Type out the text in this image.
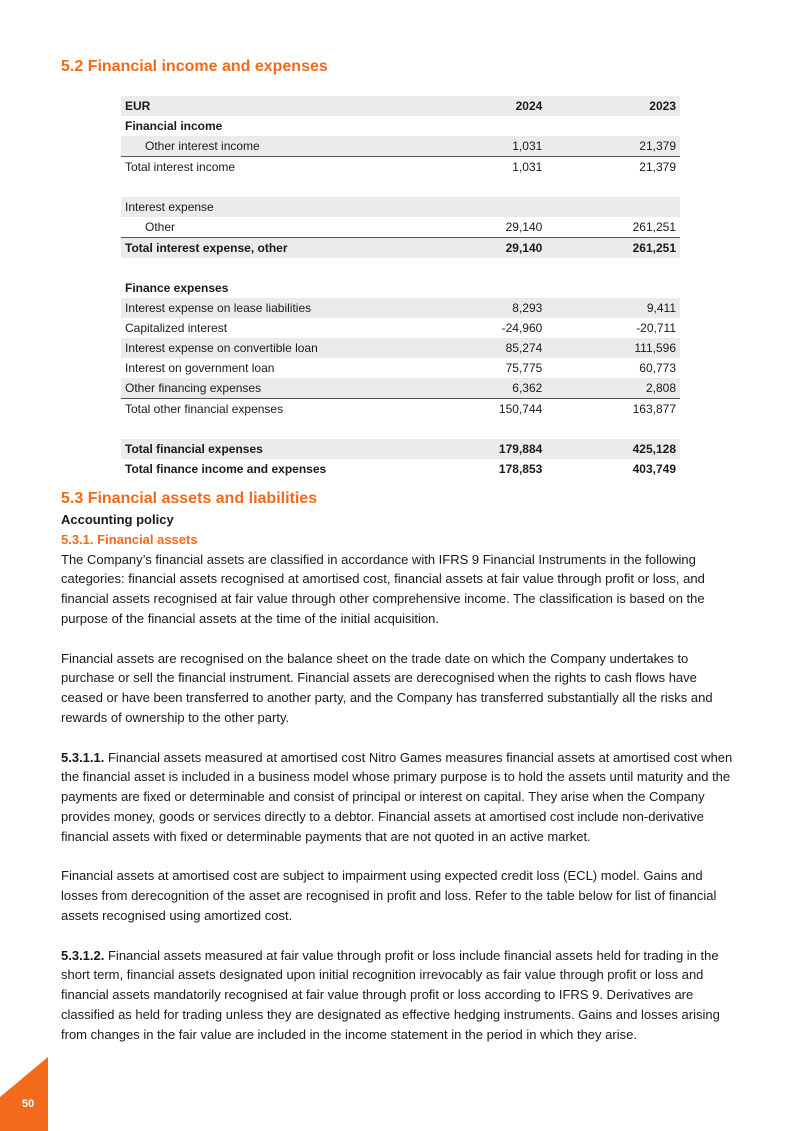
5.2 Financial income and expenses
EUR	2024	2023
Financial income		
Other interest income	1,031	21,379
Total interest income	1,031	21,379

Interest expense		
Other	29,140	261,251
Total interest expense, other	29,140	261,251

Finance expenses		
Interest expense on lease liabilities	8,293	9,411
Capitalized interest	-24,960	-20,711
Interest expense on convertible loan	85,274	111,596
Interest on government loan	75,775	60,773
Other financing expenses	6,362	2,808
Total other financial expenses	150,744	163,877

Total financial expenses	179,884	425,128
Total finance income and expenses	178,853	403,749
5.3 Financial assets and liabilities

Accounting policy

5.3.1. Financial assets

The Company’s financial assets are classified in accordance with IFRS 9 Financial Instruments in the following categories: financial assets recognised at amortised cost, financial assets at fair value through profit or loss, and financial assets recognised at fair value through other comprehensive income. The classification is based on the purpose of the financial assets at the time of the initial acquisition.

Financial assets are recognised on the balance sheet on the trade date on which the Company undertakes to purchase or sell the financial instrument. Financial assets are derecognised when the rights to cash flows have ceased or have been transferred to another party, and the Company has transferred substantially all the risks and rewards of ownership to the other party.

5.3.1.1. Financial assets measured at amortised cost Nitro Games measures financial assets at amortised cost when the financial asset is included in a business model whose primary purpose is to hold the assets until maturity and the payments are fixed or determinable and consist of principal or interest on capital. They arise when the Company provides money, goods or services directly to a debtor. Financial assets at amortised cost include non-derivative financial assets with fixed or determinable payments that are not quoted in an active market.

Financial assets at amortised cost are subject to impairment using expected credit loss (ECL) model. Gains and losses from derecognition of the asset are recognised in profit and loss. Refer to the table below for list of financial assets recognised using amortized cost.

5.3.1.2. Financial assets measured at fair value through profit or loss include financial assets held for trading in the short term, financial assets designated upon initial recognition irrevocably as fair value through profit or loss and financial assets mandatorily recognised at fair value through profit or loss according to IFRS 9. Derivatives are classified as held for trading unless they are designated as effective hedging instruments. Gains and losses arising from changes in the fair value are included in the income statement in the period in which they arise.

50
